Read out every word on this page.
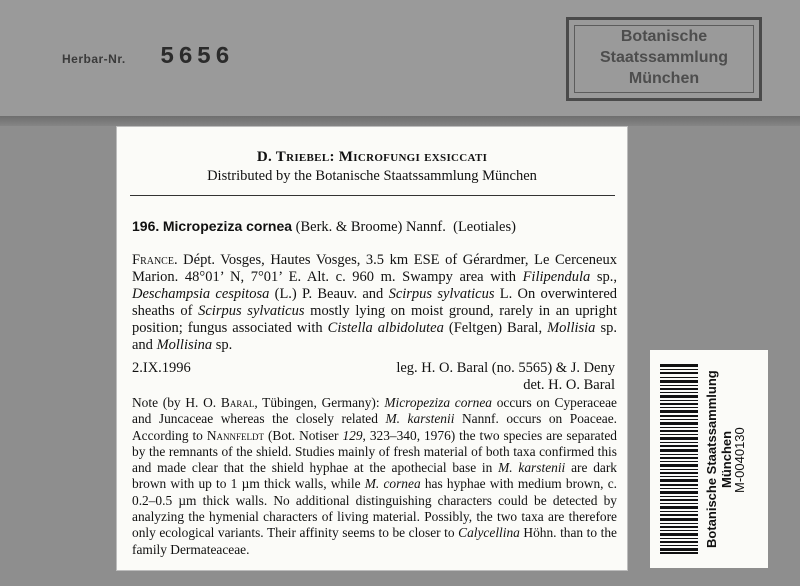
Herbar-Nr. 5656
Botanische
Staatssammlung
München
D. Triebel: Microfungi exsiccati
Distributed by the Botanische Staatssammlung München
196. Micropeziza cornea (Berk. & Broome) Nannf. (Leotiales)
France. Dépt. Vosges, Hautes Vosges, 3.5 km ESE of Gérardmer, Le Cerceneux Marion. 48°01’ N, 7°01’ E. Alt. c. 960 m. Swampy area with Filipendula sp., Deschampsia cespitosa (L.) P. Beauv. and Scirpus sylvaticus L. On overwintered sheaths of Scirpus sylvaticus mostly lying on moist ground, rarely in an upright position; fungus associated with Cistella albidolutea (Feltgen) Baral, Mollisia sp. and Mollisina sp.
2.IX.1996	leg. H. O. Baral (no. 5565) & J. Deny
det. H. O. Baral
Note (by H. O. Baral, Tübingen, Germany): Micropeziza cornea occurs on Cyperaceae and Juncaceae whereas the closely related M. karstenii Nannf. occurs on Poaceae. According to Nannfeldt (Bot. Notiser 129, 323–340, 1976) the two species are separated by the remnants of the shield. Studies mainly of fresh material of both taxa confirmed this and made clear that the shield hyphae at the apothecial base in M. karstenii are dark brown with up to 1 µm thick walls, while M. cornea has hyphae with medium brown, c. 0.2–0.5 µm thick walls. No additional distinguishing characters could be detected by analyzing the hymenial characters of living material. Possibly, the two taxa are therefore only ecological variants. Their affinity seems to be closer to Calycellina Höhn. than to the family Dermateaceae.
Botanische Staatssammlung München
M-0040130
